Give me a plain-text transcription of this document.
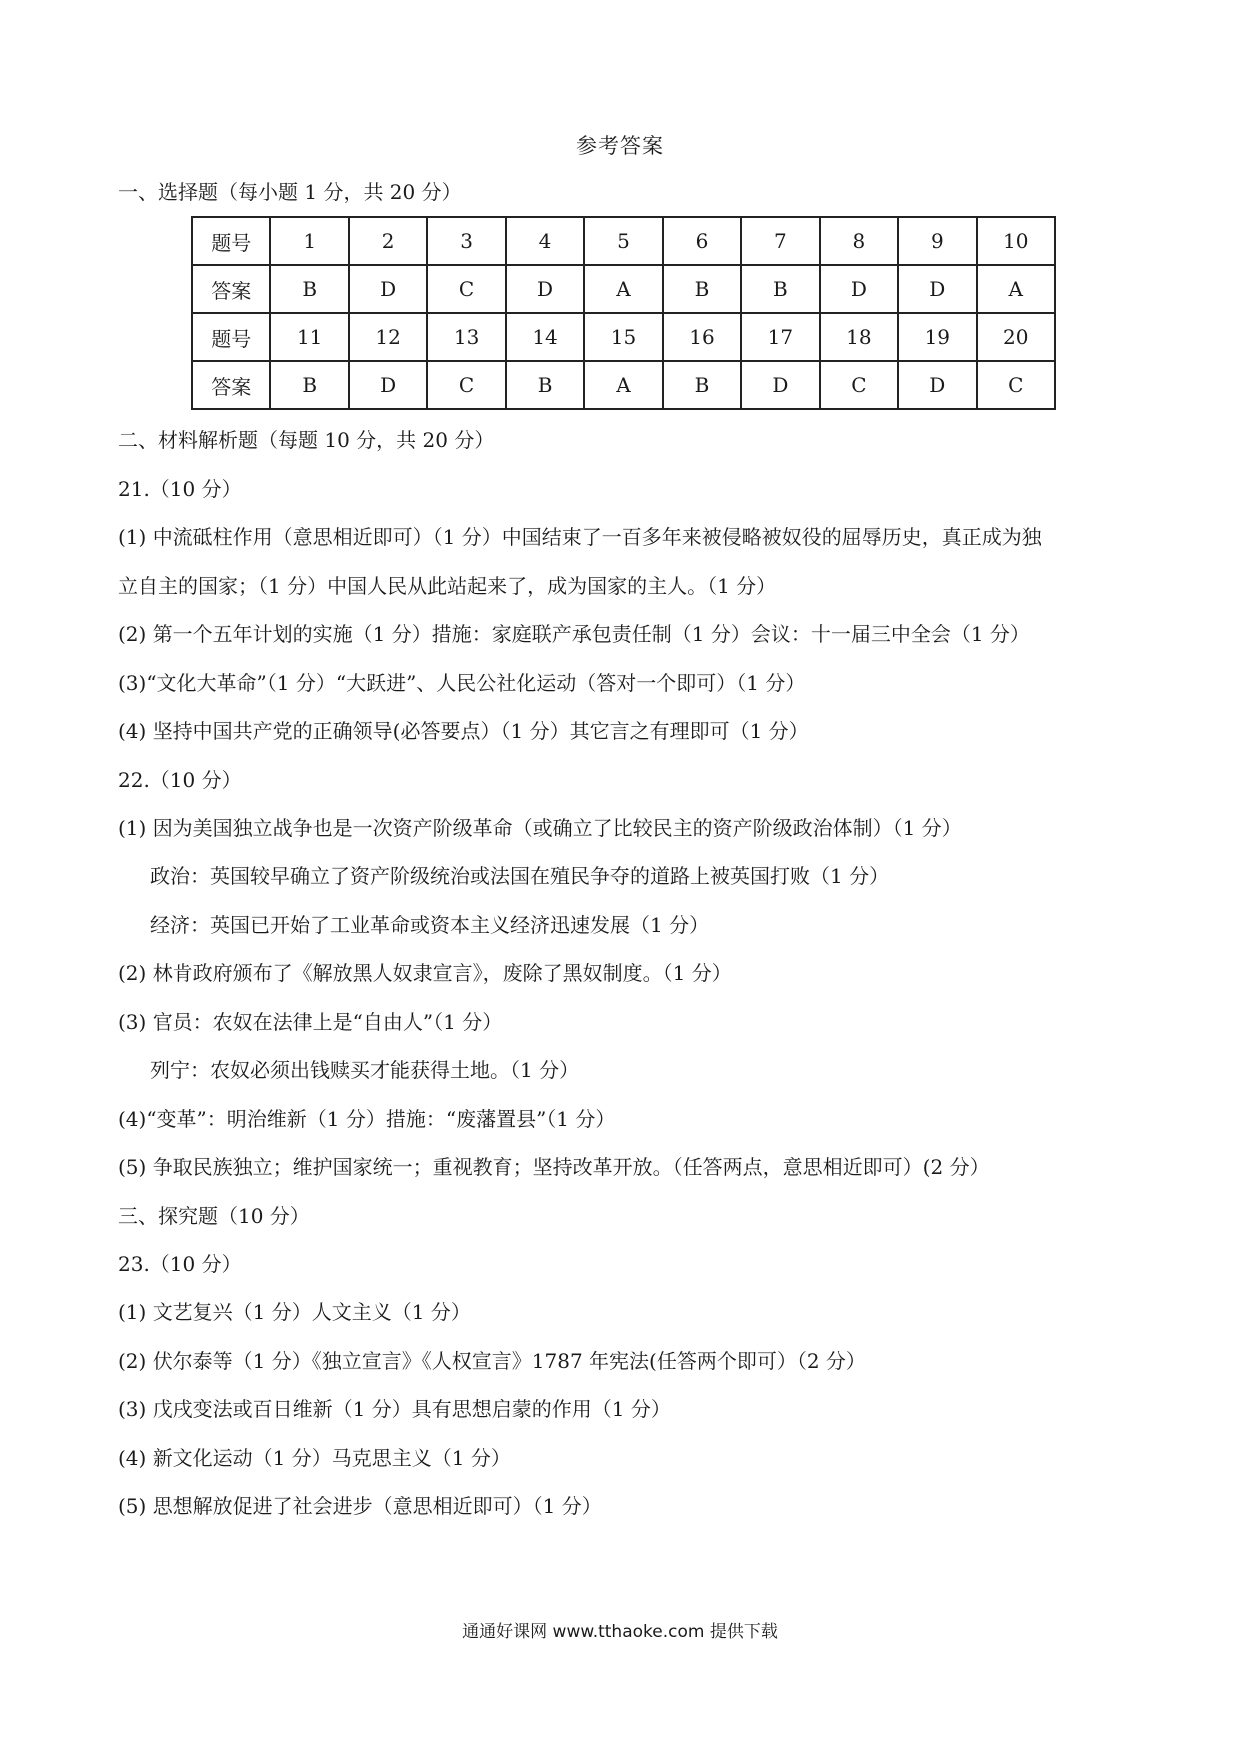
参考答案
一、选择题（每小题 1 分，共 20 分）
题号	1	2	3	4	5	6	7	8	9	10
答案	B	D	C	D	A	B	B	D	D	A
题号	11	12	13	14	15	16	17	18	19	20
答案	B	D	C	B	A	B	D	C	D	C
二、材料解析题（每题 10 分，共 20 分）
21.（10 分）
(1) 中流砥柱作用（意思相近即可）（1 分）中国结束了一百多年来被侵略被奴役的屈辱历史，真正成为独
立自主的国家；（1 分）中国人民从此站起来了，成为国家的主人。（1 分）
(2) 第一个五年计划的实施（1 分）措施：家庭联产承包责任制（1 分）会议：十一届三中全会（1 分）
(3)“文化大革命”（1 分）“大跃进”、人民公社化运动（答对一个即可）（1 分）
(4) 坚持中国共产党的正确领导(必答要点）（1 分）其它言之有理即可（1 分）
22.（10 分）
(1) 因为美国独立战争也是一次资产阶级革命（或确立了比较民主的资产阶级政治体制）（1 分）
政治：英国较早确立了资产阶级统治或法国在殖民争夺的道路上被英国打败（1 分）
经济：英国已开始了工业革命或资本主义经济迅速发展（1 分）
(2) 林肯政府颁布了《解放黑人奴隶宣言》，废除了黑奴制度。（1 分）
(3) 官员：农奴在法律上是“自由人”（1 分）
列宁：农奴必须出钱赎买才能获得土地。（1 分）
(4)“变革”：明治维新（1 分）措施：“废藩置县”（1 分）
(5) 争取民族独立；维护国家统一；重视教育；坚持改革开放。（任答两点，意思相近即可）(2 分）
三、探究题（10 分）
23.（10 分）
(1) 文艺复兴（1 分）人文主义（1 分）
(2) 伏尔泰等（1 分）《独立宣言》《人权宣言》1787 年宪法(任答两个即可）（2 分）
(3) 戊戌变法或百日维新（1 分）具有思想启蒙的作用（1 分）
(4) 新文化运动（1 分）马克思主义（1 分）
(5) 思想解放促进了社会进步（意思相近即可）（1 分）
通通好课网 www.tthaoke.com 提供下载
